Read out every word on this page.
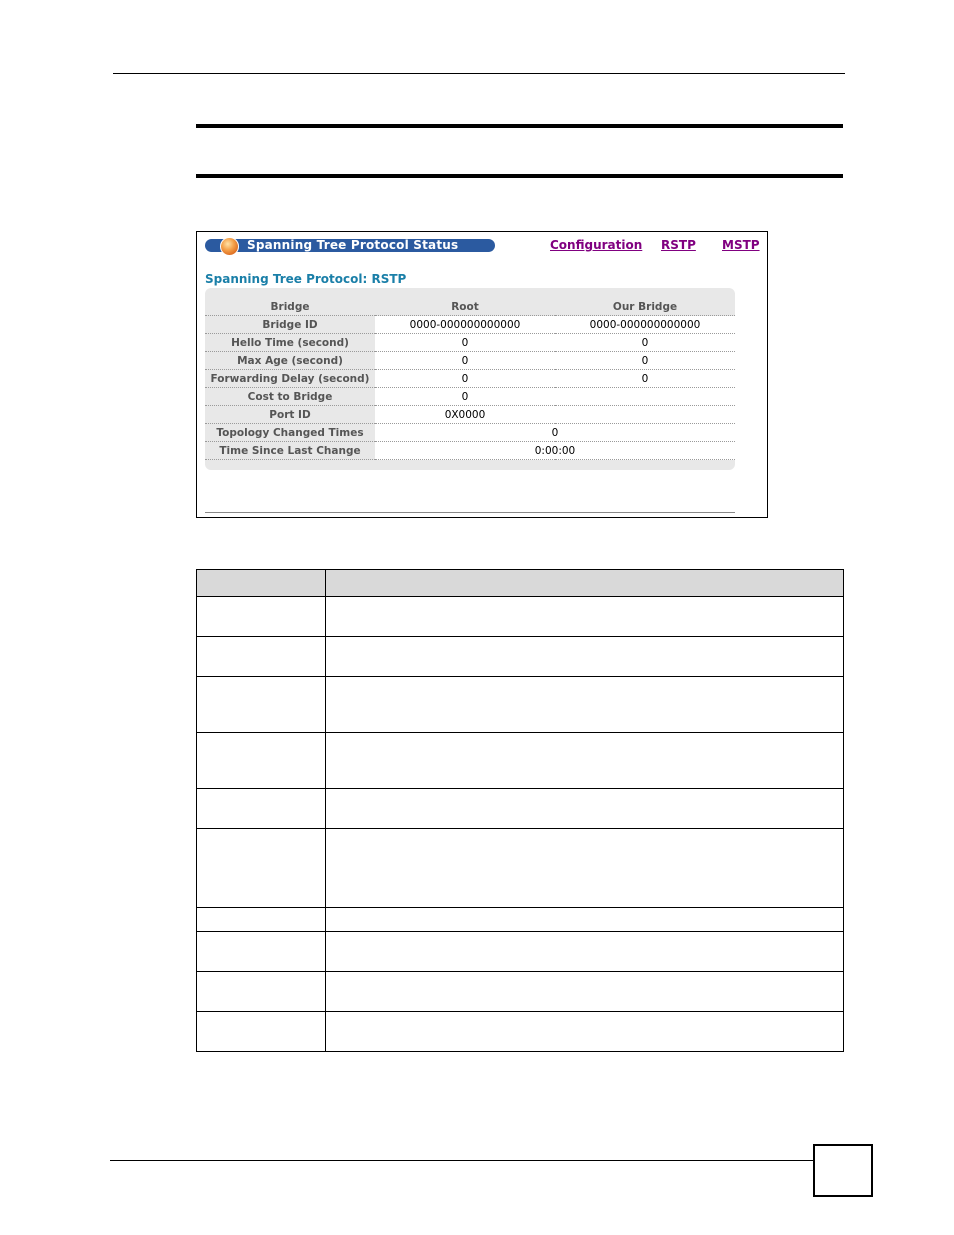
Spanning Tree Protocol Status	Configuration RSTP MSTP
Spanning Tree Protocol: RSTP
Bridge	Root	Our Bridge
Bridge ID	0000-000000000000	0000-000000000000
Hello Time (second)	0	0
Max Age (second)	0	0
Forwarding Delay (second)	0	0
Cost to Bridge	0	
Port ID	0X0000	
Topology Changed Times	0	
Time Since Last Change	0:00:00	
